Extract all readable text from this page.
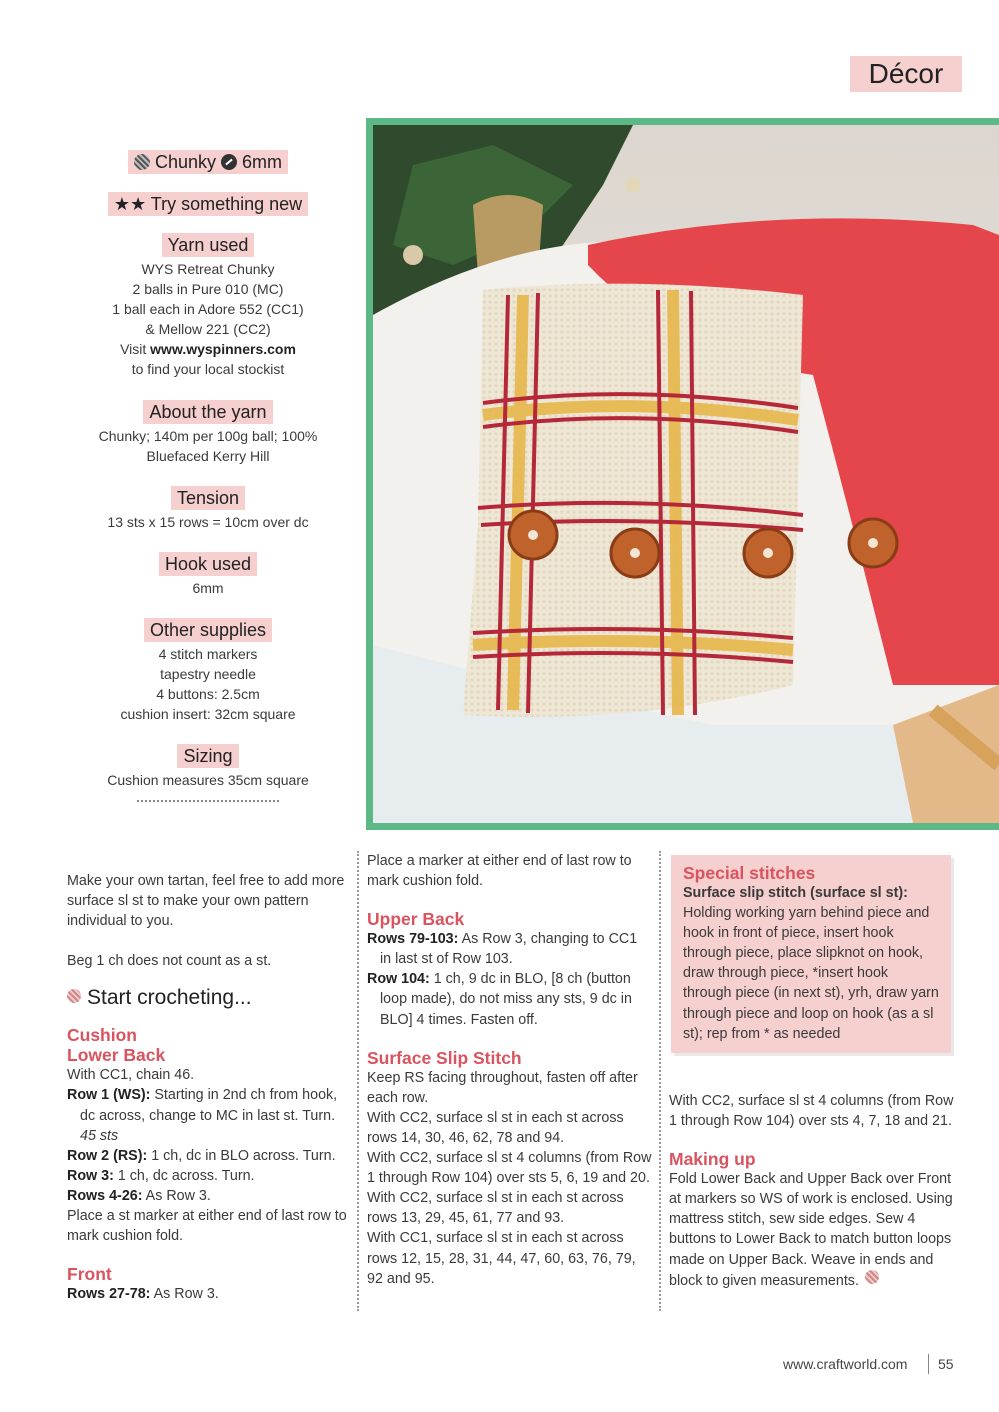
Décor
Chunky 6mm
★★ Try something new
Yarn used
WYS Retreat Chunky
2 balls in Pure 010 (MC)
1 ball each in Adore 552 (CC1)
& Mellow 221 (CC2)
Visit www.wyspinners.com
to find your local stockist
About the yarn
Chunky; 140m per 100g ball; 100%
Bluefaced Kerry Hill
Tension
13 sts x 15 rows = 10cm over dc
Hook used
6mm
Other supplies
4 stitch markers
tapestry needle
4 buttons: 2.5cm
cushion insert: 32cm square
Sizing
Cushion measures 35cm square

Make your own tartan, feel free to add more surface sl st to make your own pattern individual to you.

Beg 1 ch does not count as a st.

Start crocheting...
Cushion
Lower Back

With CC1, chain 46.

Row 1 (WS): Starting in 2nd ch from hook, dc across, change to MC in last st. Turn.
45 sts

Row 2 (RS): 1 ch, dc in BLO across. Turn.

Row 3: 1 ch, dc across. Turn.

Rows 4-26: As Row 3.

Place a st marker at either end of last row to mark cushion fold.

Front

Rows 27-78: As Row 3.

Place a marker at either end of last row to mark cushion fold.

Upper Back

Rows 79-103: As Row 3, changing to CC1 in last st of Row 103.

Row 104: 1 ch, 9 dc in BLO, [8 ch (button loop made), do not miss any sts, 9 dc in BLO] 4 times. Fasten off.

Surface Slip Stitch

Keep RS facing throughout, fasten off after each row.

With CC2, surface sl st in each st across rows 14, 30, 46, 62, 78 and 94.

With CC2, surface sl st 4 columns (from Row 1 through Row 104) over sts 5, 6, 19 and 20.

With CC2, surface sl st in each st across rows 13, 29, 45, 61, 77 and 93.

With CC1, surface sl st in each st across rows 12, 15, 28, 31, 44, 47, 60, 63, 76, 79, 92 and 95.

Special stitches
Surface slip stitch (surface sl st):

Holding working yarn behind piece and hook in front of piece, insert hook through piece, place slipknot on hook, draw through piece, *insert hook through piece (in next st), yrh, draw yarn through piece and loop on hook (as a sl st); rep from * as needed

With CC2, surface sl st 4 columns (from Row 1 through Row 104) over sts 4, 7, 18 and 21.

Making up

Fold Lower Back and Upper Back over Front at markers so WS of work is enclosed. Using mattress stitch, sew side edges. Sew 4 buttons to Lower Back to match button loops made on Upper Back. Weave in ends and block to given measurements.

www.craftworld.com 55
